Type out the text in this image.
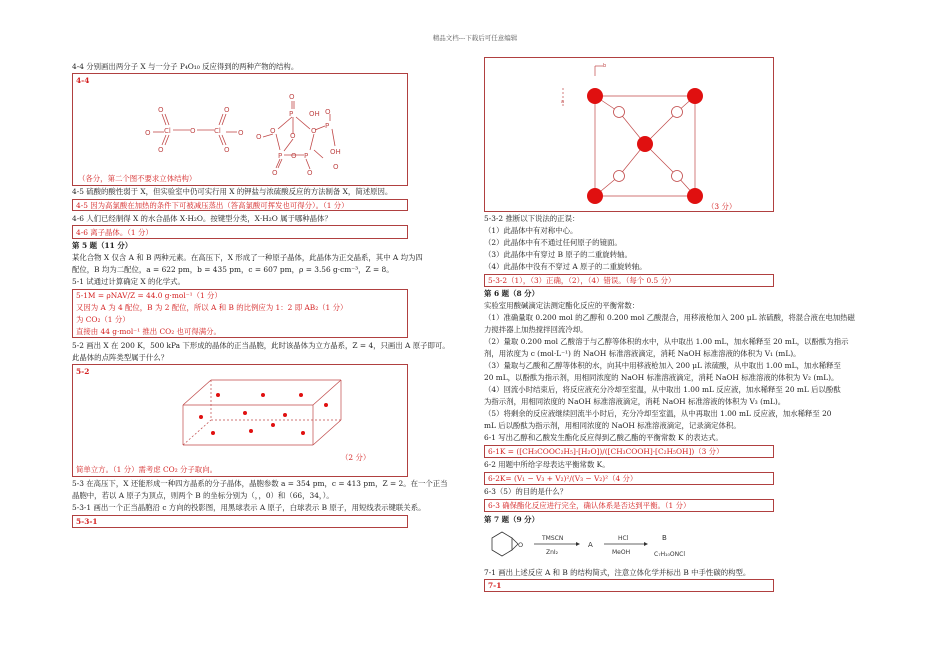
精品文档---下载后可任意编辑
4-4 分别画出两分子 X 与一分子 P₄O₁₀ 反应得到的两种产物的结构。
4-4
Cl	O	Cl
O
O
O
O
O
O
O
P OH
O	O
O
O
P	P
O
O	O
P
O
OH
O
（各分，第二个图不要求立体结构）
4-5 硫酸的酸性弱于 X，但实验室中仍可实行用 X 的钾盐与浓硫酸反应的方法制备 X，简述原因。
4-5 因为高氯酸在加热的条件下可被减压蒸出（答高氯酸可挥发也可得分）。（1 分）
4-6 人们已经制得 X 的水合晶体 X·H₂O。按键型分类，X·H₂O 属于哪种晶体？
4-6 离子晶体。（1 分）
第 5 题（11 分）
某化合物 X 仅含 A 和 B 两种元素。在高压下，X 形成了一种原子晶体，此晶体为正交晶系，其中 A 均为四
配位，B 均为二配位，a = 622 pm，b = 435 pm，c = 607 pm，ρ = 3.56 g·cm⁻³，Z = 8。
5-1 试通过计算确定 X 的化学式。
5-1M = ρNAV/Z = 44.0 g·mol⁻¹（1 分）
又因为 A 为 4 配位，B 为 2 配位，所以 A 和 B 的比例应为 1：2 即 AB₂（1 分）
为 CO₂（1 分）
直接由 44 g·mol⁻¹ 推出 CO₂ 也可得满分。
5-2 画出 X 在 200 K，500 kPa 下形成的晶体的正当晶胞，此时该晶体为立方晶系，Z = 4，只画出 A 原子即可。
此晶体的点阵类型属于什么？
5-2
（2 分）
简单立方。（1 分）需考虑 CO₂ 分子取向。
5-3 在高压下，X 还能形成一种四方晶系的分子晶体，晶胞参数 a = 354 pm，c = 413 pm，Z = 2。在一个正当
晶胞中，若以 A 原子为顶点，则两个 B 的坐标分别为（，，0）和（66，34，）。
5-3-1 画出一个正当晶胞沿 c 方向的投影图，用黑球表示 A 原子，白球表示 B 原子，用短线表示键联关系。
5-3-1
b
a
（3 分）
5-3-2 推断以下说法的正误：
（1）此晶体中有对称中心。
（2）此晶体中有不通过任何原子的镜面。
（3）此晶体中有穿过 B 原子的二重旋转轴。
（4）此晶体中没有不穿过 A 原子的二重旋转轴。
5-3-2（1），（3）正确，（2），（4）错误。（每个 0.5 分）
第 6 题（8 分）
实验室用酸碱滴定法测定酯化反应的平衡常数：
（1）准确量取 0.200 mol 的乙醇和 0.200 mol 乙酸混合，用移液枪加入 200 μL 浓硫酸，将混合液在电加热磁
力搅拌器上加热搅拌回流冷却。
（2）量取 0.200 mol 乙酸溶于与乙醇等体积的水中，从中取出 1.00 mL，加水稀释至 20 mL，以酚酞为指示
剂，用浓度为 c (mol·L⁻¹) 的 NaOH 标准溶液滴定，消耗 NaOH 标准溶液的体积为 V₁ (mL)。
（3）量取与乙酸和乙醇等体积的水，向其中用移液枪加入 200 μL 浓硫酸，从中取出 1.00 mL，加水稀释至
20 mL，以酚酞为指示剂，用相同浓度的 NaOH 标准溶液滴定，消耗 NaOH 标准溶液的体积为 V₂ (mL)。
（4）回流小时结束后，将反应液充分冷却至室温，从中取出 1.00 mL 反应液，加水稀释至 20 mL 后以酚酞
为指示剂，用相同浓度的 NaOH 标准溶液滴定，消耗 NaOH 标准溶液的体积为 V₃ (mL)。
（5）将剩余的反应液继续回流半小时后，充分冷却至室温，从中再取出 1.00 mL 反应液，加水稀释至 20
mL 后以酚酞为指示剂，用相同浓度的 NaOH 标准溶液滴定，记录滴定体积。
6-1 写出乙醇和乙酸发生酯化反应得到乙酸乙酯的平衡常数 K 的表达式。
6-1K = ([CH₃COOC₂H₅]·[H₂O])/([CH₃COOH]·[C₂H₅OH])（3 分）
6-2 用题中所给字母表达平衡常数 K。
6-2K= (V₁ − V₃ + V₂)²/(V₃ − V₂)²（4 分）
6-3（5）的目的是什么？
6-3 确保酯化反应进行完全，确认体系是否达到平衡。（1 分）
第 7 题（9 分）
O
TMSCN
ZnI₂
A
HCl
MeOH
B
C₇H₁₀ONCl
7-1 画出上述反应 A 和 B 的结构简式，注意立体化学并标出 B 中手性碳的构型。
7-1
